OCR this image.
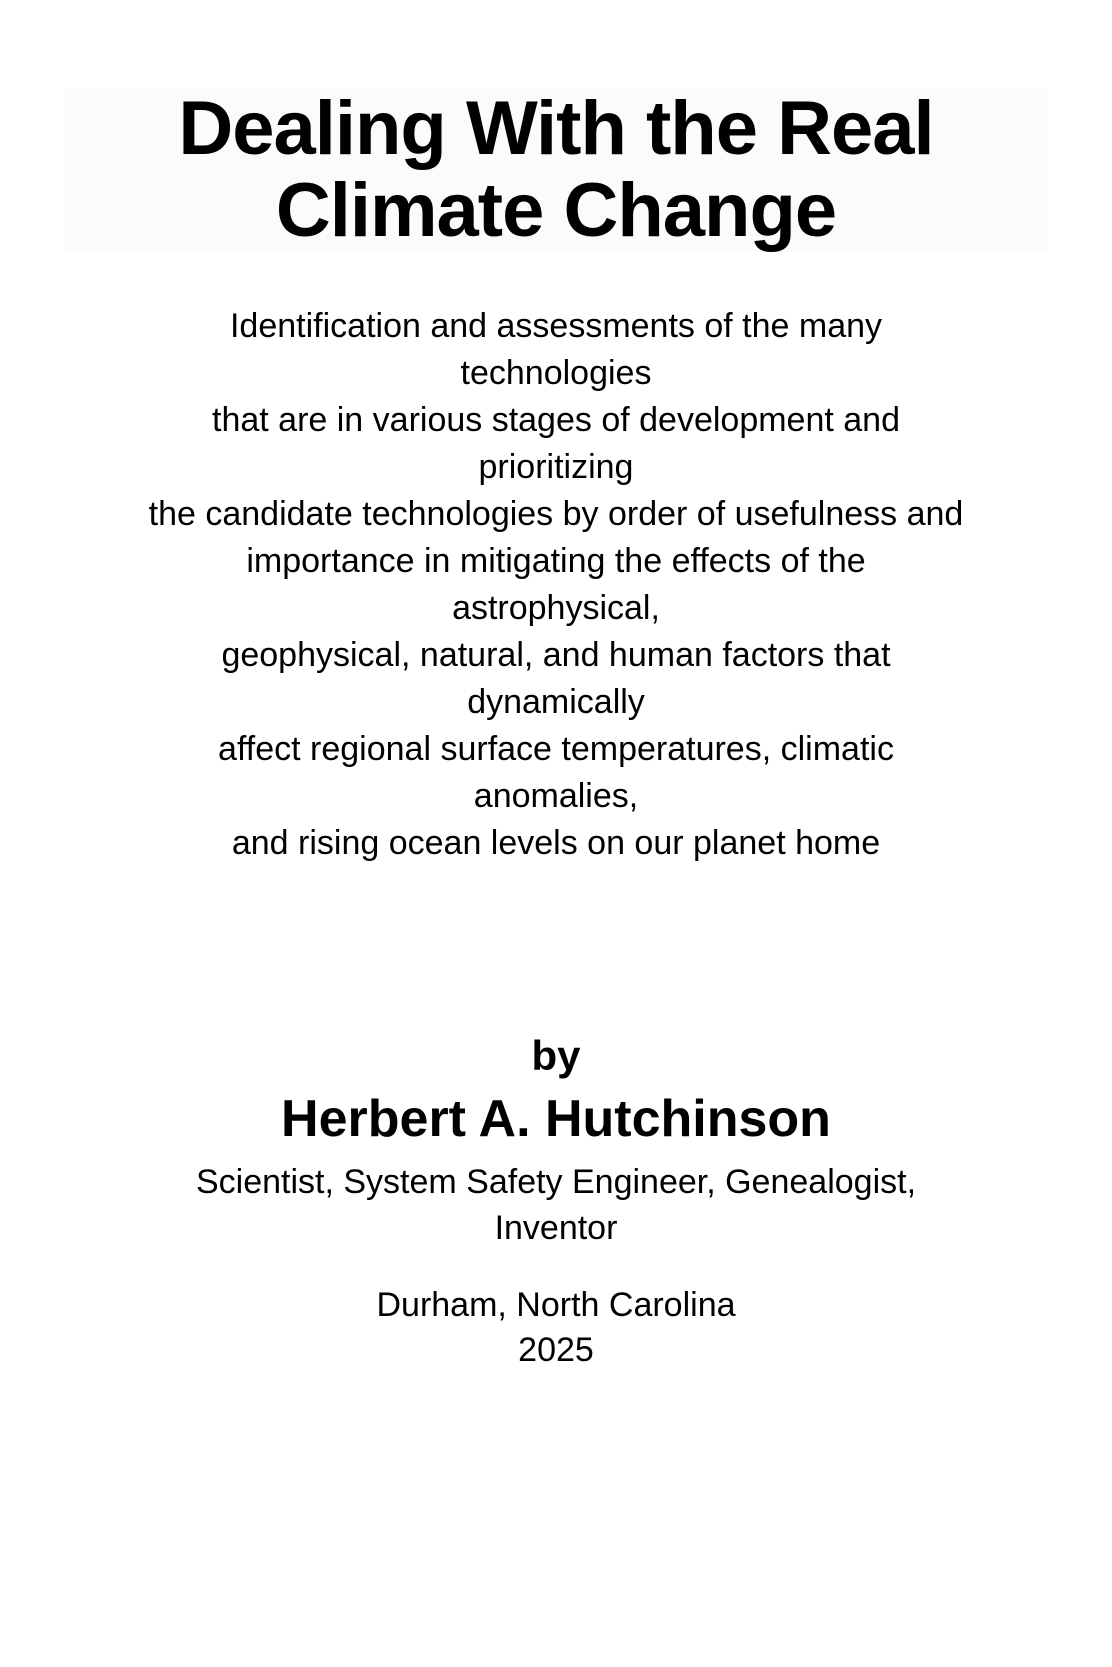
Dealing With the Real
Climate Change
Identification and assessments of the many
technologies
that are in various stages of development and
prioritizing
the candidate technologies by order of usefulness and
importance in mitigating the effects of the
astrophysical,
geophysical, natural, and human factors that
dynamically
affect regional surface temperatures, climatic
anomalies,
and rising ocean levels on our planet home
by
Herbert A. Hutchinson
Scientist, System Safety Engineer, Genealogist,
Inventor
Durham, North Carolina
2025
